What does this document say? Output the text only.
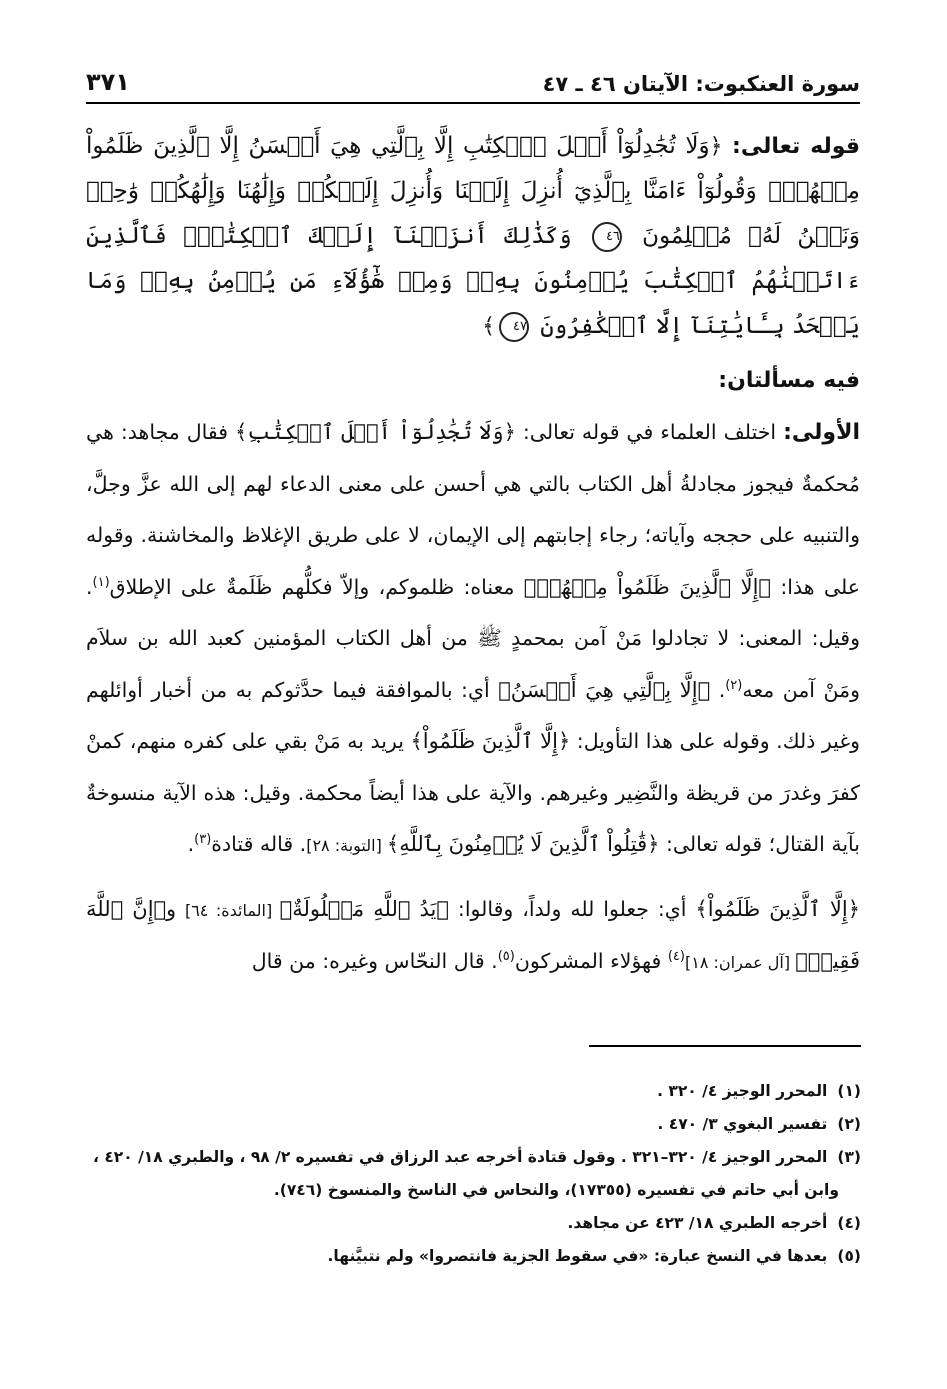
سورة العنكبوت: الآيتان ٤٦ ـ ٤٧
٣٧١
قوله تعالى: ﴿وَلَا تُجَٰدِلُوٓاْ أَهۡلَ ٱلۡكِتَٰبِ إِلَّا بِٱلَّتِي هِيَ أَحۡسَنُ إِلَّا ٱلَّذِينَ ظَلَمُواْ مِنۡهُمۡۖ وَقُولُوٓاْ ءَامَنَّا بِٱلَّذِيٓ أُنزِلَ إِلَيۡنَا وَأُنزِلَ إِلَيۡكُمۡ وَإِلَٰهُنَا وَإِلَٰهُكُمۡ وَٰحِدٞ وَنَحۡنُ لَهُۥ مُسۡلِمُونَ ٤٦ وَكَذَٰلِكَ أَنزَلۡنَآ إِلَيۡكَ ٱلۡكِتَٰبَۚ فَٱلَّذِينَ ءَاتَيۡنَٰهُمُ ٱلۡكِتَٰبَ يُؤۡمِنُونَ بِهِۦۖ وَمِنۡ هَٰٓؤُلَآءِ مَن يُؤۡمِنُ بِهِۦۚ وَمَا يَجۡحَدُ بِـَٔايَٰتِنَآ إِلَّا ٱلۡكَٰفِرُونَ ٤٧﴾
فيه مسألتان:
الأولى: اختلف العلماء في قوله تعالى: ﴿وَلَا تُجَٰدِلُوٓاْ أَهۡلَ ٱلۡكِتَٰبِ﴾ فقال مجاهد: هي مُحكمةٌ فيجوز مجادلةُ أهل الكتاب بالتي هي أحسن على معنى الدعاء لهم إلى الله عزَّ وجلَّ، والتنبيه على حججه وآياته؛ رجاء إجابتهم إلى الإيمان، لا على طريق الإغلاظ والمخاشنة. وقوله على هذا: ﴿إِلَّا ٱلَّذِينَ ظَلَمُواْ مِنۡهُمۡ﴾ معناه: ظلموكم، وإلاّ فكلُّهم ظَلَمةٌ على الإطلاق$^{(١)}$. وقيل: المعنى: لا تجادلوا مَنْ آمن بمحمدٍ ﷺ من أهل الكتاب المؤمنين كعبد الله بن سلاَم ومَنْ آمن معه$^{(٢)}$. ﴿إِلَّا بِٱلَّتِي هِيَ أَحۡسَنُ﴾ أي: بالموافقة فيما حدَّثوكم به من أخبار أوائلهم وغير ذلك. وقوله على هذا التأويل: ﴿إِلَّا ٱلَّذِينَ ظَلَمُواْ﴾ يريد به مَنْ بقي على كفره منهم، كمنْ كفرَ وغدرَ من قريظة والنَّضِير وغيرهم. والآية على هذا أيضاً محكمة. وقيل: هذه الآية منسوخةٌ بآية القتال؛ قوله تعالى: ﴿قَٰتِلُواْ ٱلَّذِينَ لَا يُؤۡمِنُونَ بِٱللَّهِ﴾ [التوبة: ٢٨]. قاله قتادة$^{(٣)}$.
﴿إِلَّا ٱلَّذِينَ ظَلَمُواْ﴾ أي: جعلوا لله ولداً، وقالوا: ﴿يَدُ ٱللَّهِ مَغۡلُولَةٌ﴾ [المائدة: ٦٤] و﴿إِنَّ ٱللَّهَ فَقِيرٞ﴾ [آل عمران: ١٨]$^{(٤)}$ فهؤلاء المشركون$^{(٥)}$. قال النحّاس وغيره: من قال

(١)المحرر الوجيز ٤/ ٣٢٠ .

(٢)تفسير البغوي ٣/ ٤٧٠ .

(٣)المحرر الوجيز ٤/ ٣٢٠–٣٢١ . وقول قتادة أخرجه عبد الرزاق في تفسيره ٢/ ٩٨ ، والطبري ١٨/ ٤٢٠ ،

وابن أبي حاتم في تفسيره (١٧٣٥٥)، والنحاس في الناسخ والمنسوخ (٧٤٦).

(٤)أخرجه الطبري ١٨/ ٤٢٣ عن مجاهد.

(٥)بعدها في النسخ عبارة: «في سقوط الجزية فانتصروا» ولم نتبيَّنها.
